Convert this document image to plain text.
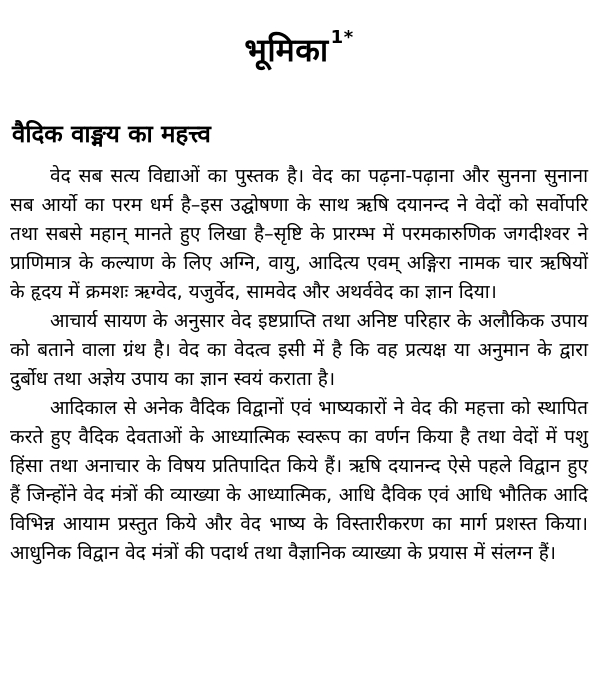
भूमिका $^{1*}$
वैदिक वाङ्मय का महत्त्व

वेद सब सत्य विद्याओं का पुस्तक है। वेद का पढ़ना-पढ़ाना और सुनना सुनाना सब आर्यो का परम धर्म है–इस उद्घोषणा के साथ ऋषि दयानन्द ने वेदों को सर्वोपरि तथा सबसे महान् मानते हुए लिखा है–सृष्टि के प्रारम्भ में परमकारुणिक जगदीश्वर ने प्राणिमात्र के कल्याण के लिए अग्नि, वायु, आदित्य एवम् अङ्गिरा नामक चार ऋषियों के हृदय में क्रमशः ऋग्वेद, यजुर्वेद, सामवेद और अथर्ववेद का ज्ञान दिया।

आचार्य सायण के अनुसार वेद इष्टप्राप्ति तथा अनिष्ट परिहार के अलौकिक उपाय को बताने वाला ग्रंथ है। वेद का वेदत्व इसी में है कि वह प्रत्यक्ष या अनुमान के द्वारा दुर्बोध तथा अज्ञेय उपाय का ज्ञान स्वयं कराता है।

आदिकाल से अनेक वैदिक विद्वानों एवं भाष्यकारों ने वेद की महत्ता को स्थापित करते हुए वैदिक देवताओं के आध्यात्मिक स्वरूप का वर्णन किया है तथा वेदों में पशु हिंसा तथा अनाचार के विषय प्रतिपादित किये हैं। ऋषि दयानन्द ऐसे पहले विद्वान हुए हैं जिन्होंने वेद मंत्रों की व्याख्या के आध्यात्मिक, आधि दैविक एवं आधि भौतिक आदि विभिन्न आयाम प्रस्तुत किये और वेद भाष्य के विस्तारीकरण का मार्ग प्रशस्त किया। आधुनिक विद्वान वेद मंत्रों की पदार्थ तथा वैज्ञानिक व्याख्या के प्रयास में संलग्न हैं।
